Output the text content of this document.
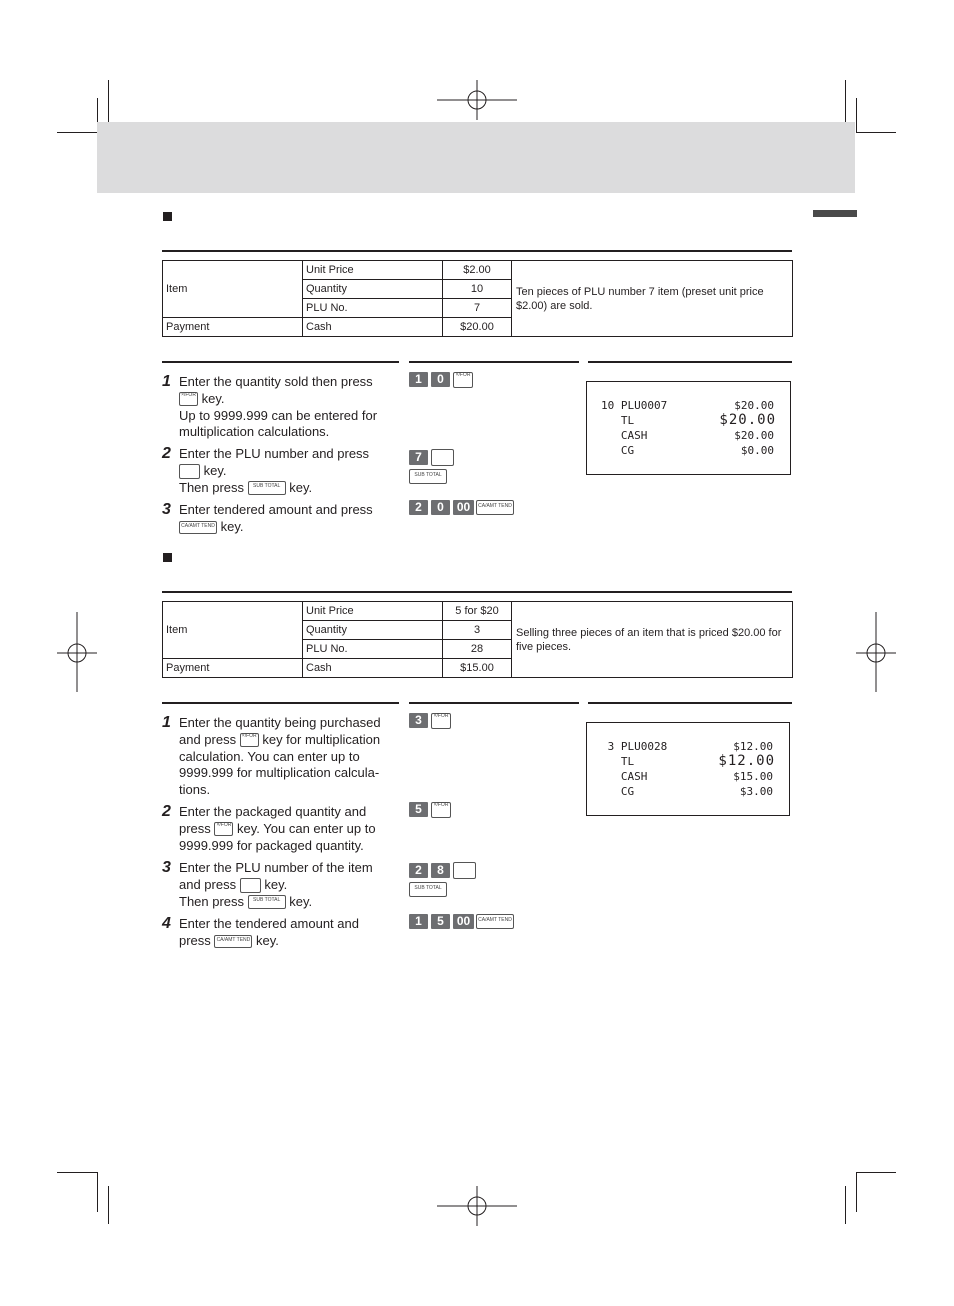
Item	Unit Price	$2.00	Ten pieces of PLU number 7 item (preset unit price $2.00) are sold.
	Quantity	10	
	PLU No.	7	
Payment	Cash	$20.00	
1 Enter the quantity sold then press
×/FOR key.
Up to 9999.999 can be entered for
multiplication calculations.
2 Enter the PLU number and press
key.
Then press SUB TOTAL key.
3 Enter tendered amount and press
CA/AMT TEND key.
1	0	×/FOR
7
SUB TOTAL
2	0	00	CA/AMT TEND
10 PLU0007	$20.00
TL	$20.00
CASH	$20.00
CG	$0.00
Item	Unit Price	5 for $20	Selling three pieces of an item that is priced $20.00 for five pieces.
	Quantity	3	
	PLU No.	28	
Payment	Cash	$15.00	
1 Enter the quantity being purchased
and press ×/FOR key for multiplication
calculation. You can enter up to
9999.999 for multiplication calcula-
tions.
2 Enter the packaged quantity and
press ×/FOR key. You can enter up to
9999.999 for packaged quantity.
3 Enter the PLU number of the item
and press key.
Then press SUB TOTAL key.
4 Enter the tendered amount and
press CA/AMT TEND key.
3	×/FOR
5	×/FOR
2	8
SUB TOTAL
1	5	00	CA/AMT TEND
3 PLU0028	$12.00
TL	$12.00
CASH	$15.00
CG	$3.00
